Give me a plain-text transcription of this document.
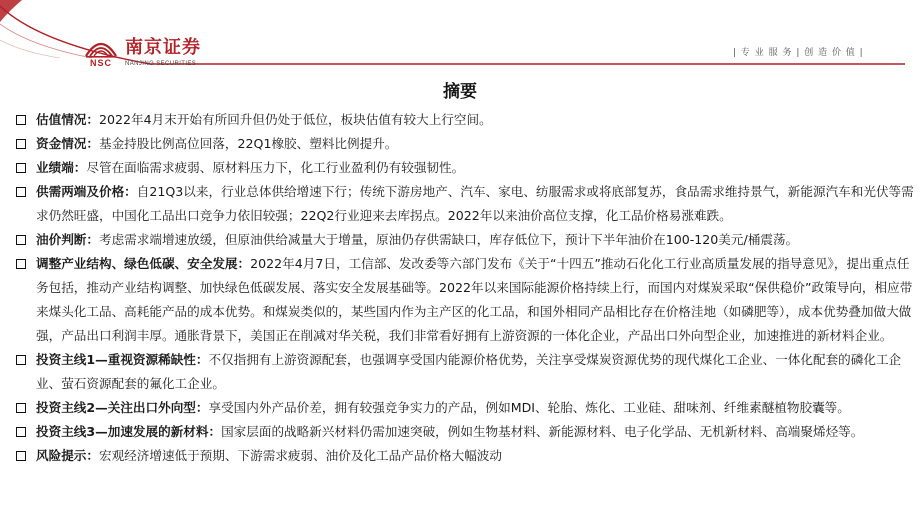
NSC
南京证券
NANJING SECURITIES
| 专 业 服 务 | 创 造 价 值 |
摘要
估值情况：2022年4月末开始有所回升但仍处于低位，板块估值有较大上行空间。
资金情况：基金持股比例高位回落，22Q1橡胶、塑料比例提升。
业绩端：尽管在面临需求疲弱、原材料压力下，化工行业盈利仍有较强韧性。
供需两端及价格：自21Q3以来，行业总体供给增速下行；传统下游房地产、汽车、家电、纺服需求或将底部复苏，食品需求维持景气，新能源汽车和光伏等需求仍然旺盛，中国化工品出口竞争力依旧较强；22Q2行业迎来去库拐点。2022年以来油价高位支撑，化工品价格易涨难跌。
油价判断：考虑需求端增速放缓，但原油供给减量大于增量，原油仍存供需缺口，库存低位下，预计下半年油价在100-120美元/桶震荡。
调整产业结构、绿色低碳、安全发展：2022年4月7日，工信部、发改委等六部门发布《关于“十四五”推动石化化工行业高质量发展的指导意见》，提出重点任务包括，推动产业结构调整、加快绿色低碳发展、落实安全发展基础等。2022年以来国际能源价格持续上行，而国内对煤炭采取“保供稳价”政策导向，相应带来煤头化工品、高耗能产品的成本优势。和煤炭类似的，某些国内作为主产区的化工品，和国外相同产品相比存在价格洼地（如磷肥等），成本优势叠加做大做强，产品出口利润丰厚。通胀背景下，美国正在削减对华关税，我们非常看好拥有上游资源的一体化企业，产品出口外向型企业，加速推进的新材料企业。
投资主线1—重视资源稀缺性：不仅指拥有上游资源配套，也强调享受国内能源价格优势，关注享受煤炭资源优势的现代煤化工企业、一体化配套的磷化工企业、萤石资源配套的氟化工企业。
投资主线2—关注出口外向型：享受国内外产品价差，拥有较强竞争实力的产品，例如MDI、轮胎、炼化、工业硅、甜味剂、纤维素醚植物胶囊等。
投资主线3—加速发展的新材料：国家层面的战略新兴材料仍需加速突破，例如生物基材料、新能源材料、电子化学品、无机新材料、高端聚烯烃等。
风险提示：宏观经济增速低于预期、下游需求疲弱、油价及化工品产品价格大幅波动
